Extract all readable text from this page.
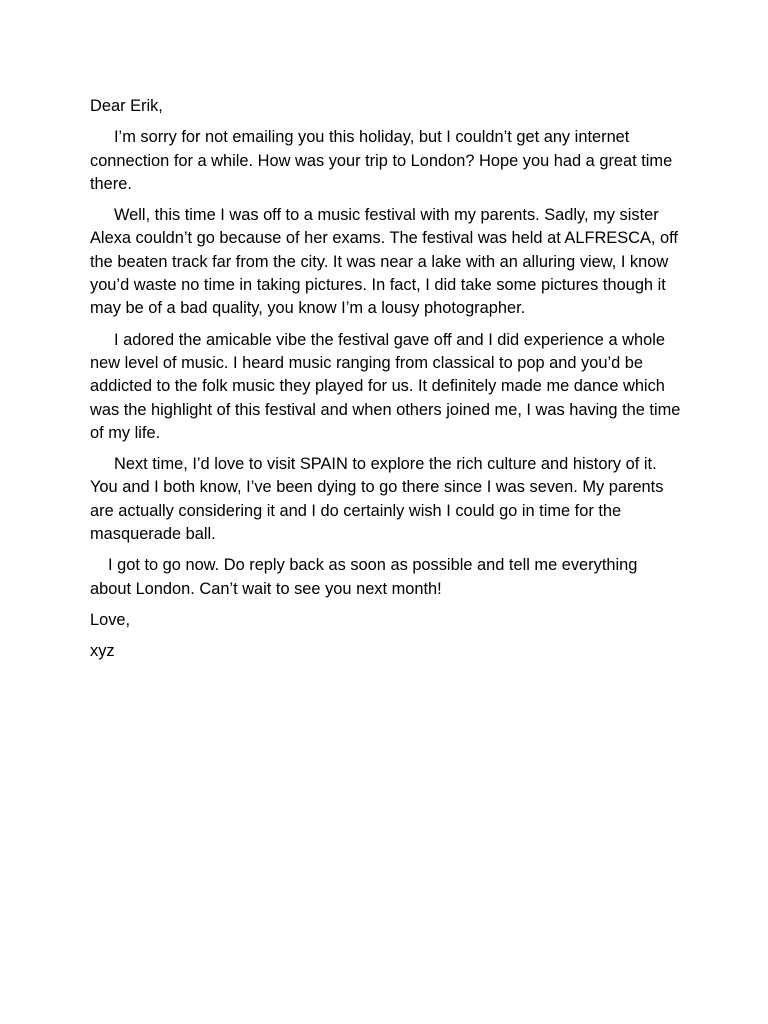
Dear Erik,

I’m sorry for not emailing you this holiday, but I couldn’t get any internet connection for a while. How was your trip to London? Hope you had a great time there.

Well, this time I was off to a music festival with my parents. Sadly, my sister Alexa couldn’t go because of her exams. The festival was held at ALFRESCA, off the beaten track far from the city. It was near a lake with an alluring view, I know you’d waste no time in taking pictures. In fact, I did take some pictures though it may be of a bad quality, you know I’m a lousy photographer.

I adored the amicable vibe the festival gave off and I did experience a whole new level of music. I heard music ranging from classical to pop and you’d be addicted to the folk music they played for us. It definitely made me dance which was the highlight of this festival and when others joined me, I was having the time of my life.

Next time, I’d love to visit SPAIN to explore the rich culture and history of it. You and I both know, I’ve been dying to go there since I was seven. My parents are actually considering it and I do certainly wish I could go in time for the masquerade ball.

I got to go now. Do reply back as soon as possible and tell me everything about London. Can’t wait to see you next month!

Love,

xyz
